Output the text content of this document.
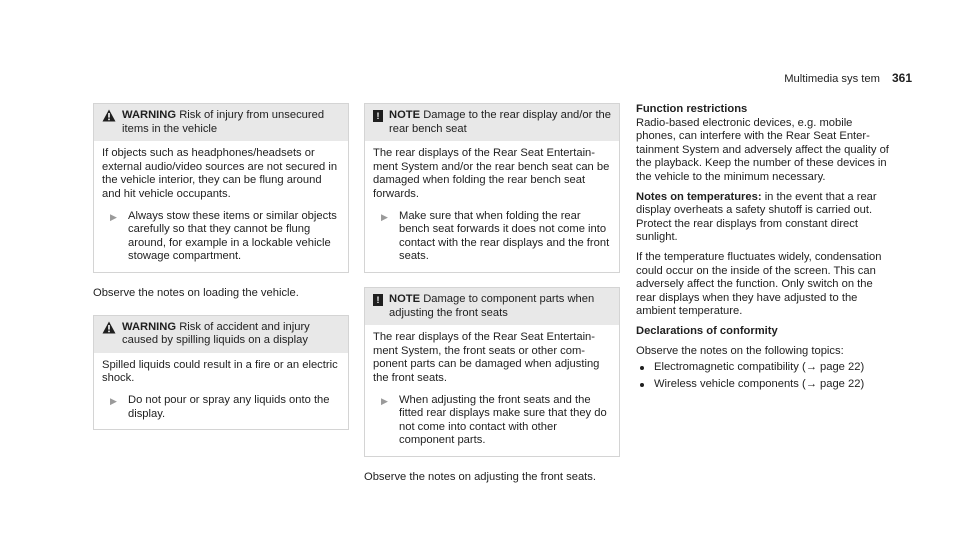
Multimedia sys tem 361
WARNING Risk of injury from unsecured items in the vehicle

If objects such as headphones/headsets or external audio/video sources are not secured in the vehicle interior, they can be flung around and hit vehicle occupants.

▶ Always stow these items or similar objects carefully so that they cannot be flung around, for example in a lockable vehicle stowage compartment.

Observe the notes on loading the vehicle.

WARNING Risk of accident and injury caused by spilling liquids on a display

Spilled liquids could result in a fire or an electric shock.

▶ Do not pour or spray any liquids onto the display.
! NOTE Damage to the rear display and/or the rear bench seat

The rear displays of the Rear Seat Entertainment System and/or the rear bench seat can be damaged when folding the rear bench seat forwards.

▶ Make sure that when folding the rear bench seat forwards it does not come into contact with the rear displays and the front seats.
! NOTE Damage to component parts when adjusting the front seats

The rear displays of the Rear Seat Entertainment System, the front seats or other component parts can be damaged when adjusting the front seats.

▶ When adjusting the front seats and the fitted rear displays make sure that they do not come into contact with other component parts.

Observe the notes on adjusting the front seats.

Function restrictions

Radio-based electronic devices, e.g. mobile phones, can interfere with the Rear Seat Entertainment System and adversely affect the quality of the playback. Keep the number of these devices in the vehicle to the minimum necessary.

Notes on temperatures: in the event that a rear display overheats a safety shutoff is carried out. Protect the rear displays from constant direct sunlight.

If the temperature fluctuates widely, condensation could occur on the inside of the screen. This can adversely affect the function. Only switch on the rear displays when they have adjusted to the ambient temperature.

Declarations of conformity

Observe the notes on the following topics:

Electromagnetic compatibility (→ page 22)
Wireless vehicle components (→ page 22)
